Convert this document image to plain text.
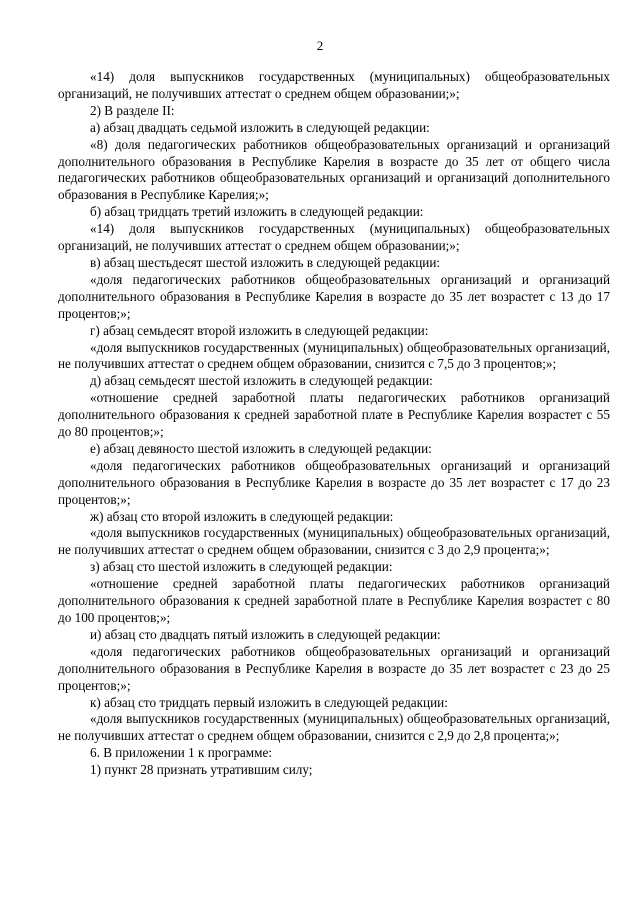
2

«14) доля выпускников государственных (муниципальных) общеобразовательных организаций, не получивших аттестат о среднем общем образовании;»;

2) В разделе II:

а) абзац двадцать седьмой изложить в следующей редакции:

«8) доля педагогических работников общеобразовательных организаций и организаций дополнительного образования в Республике Карелия в возрасте до 35 лет от общего числа педагогических работников общеобразовательных организаций и организаций дополнительного образования в Республике Карелия;»;

б) абзац тридцать третий изложить в следующей редакции:

«14) доля выпускников государственных (муниципальных) общеобразовательных организаций, не получивших аттестат о среднем общем образовании;»;

в) абзац шестьдесят шестой изложить в следующей редакции:

«доля педагогических работников общеобразовательных организаций и организаций дополнительного образования в Республике Карелия в возрасте до 35 лет возрастет с 13 до 17 процентов;»;

г) абзац семьдесят второй изложить в следующей редакции:

«доля выпускников государственных (муниципальных) общеобразовательных организаций, не получивших аттестат о среднем общем образовании, снизится с 7,5 до 3 процентов;»;

д) абзац семьдесят шестой изложить в следующей редакции:

«отношение средней заработной платы педагогических работников организаций дополнительного образования к средней заработной плате в Республике Карелия возрастет с 55 до 80 процентов;»;

е) абзац девяносто шестой изложить в следующей редакции:

«доля педагогических работников общеобразовательных организаций и организаций дополнительного образования в Республике Карелия в возрасте до 35 лет возрастет с 17 до 23 процентов;»;

ж) абзац сто второй изложить в следующей редакции:

«доля выпускников государственных (муниципальных) общеобразовательных организаций, не получивших аттестат о среднем общем образовании, снизится с 3 до 2,9 процента;»;

з) абзац сто шестой изложить в следующей редакции:

«отношение средней заработной платы педагогических работников организаций дополнительного образования к средней заработной плате в Республике Карелия возрастет с 80 до 100 процентов;»;

и) абзац сто двадцать пятый изложить в следующей редакции:

«доля педагогических работников общеобразовательных организаций и организаций дополнительного образования в Республике Карелия в возрасте до 35 лет возрастет с 23 до 25 процентов;»;

к) абзац сто тридцать первый изложить в следующей редакции:

«доля выпускников государственных (муниципальных) общеобразовательных организаций, не получивших аттестат о среднем общем образовании, снизится с 2,9 до 2,8 процента;»;

6. В приложении 1 к программе:

1) пункт 28 признать утратившим силу;
